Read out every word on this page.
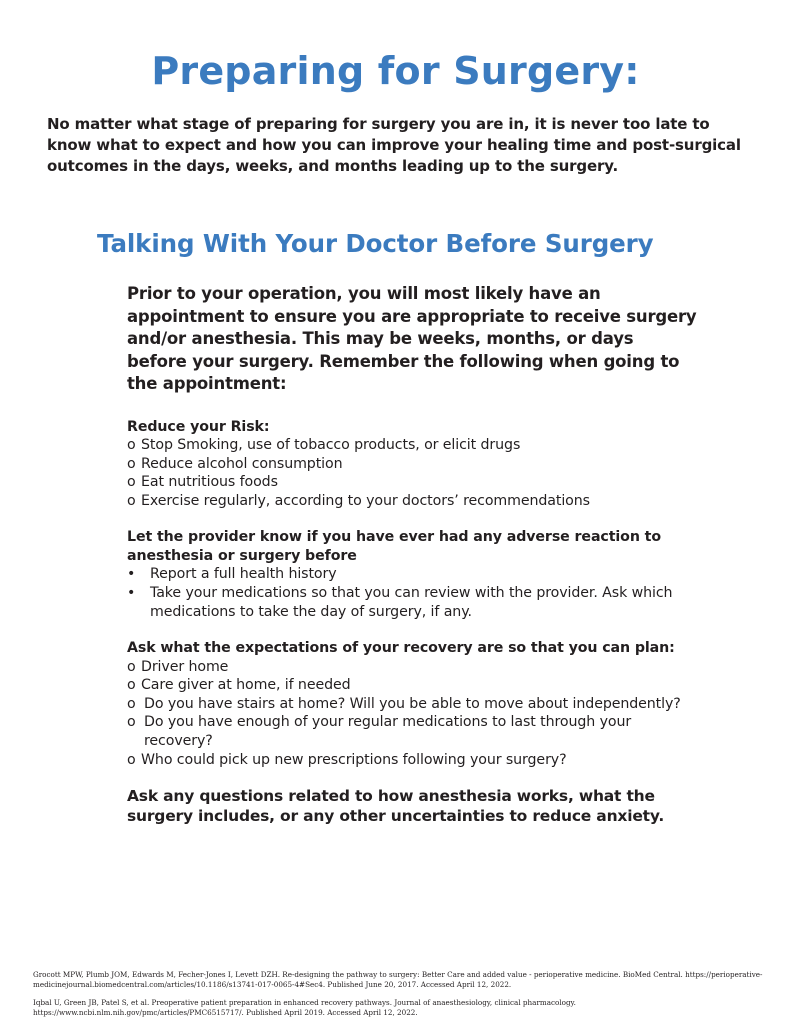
Preparing for Surgery:

No matter what stage of preparing for surgery you are in, it is never too late to know what to expect and how you can improve your healing time and post-surgical outcomes in the days, weeks, and months leading up to the surgery.

Talking With Your Doctor Before Surgery

Prior to your operation, you will most likely have an appointment to ensure you are appropriate to receive surgery and/or anesthesia. This may be weeks, months, or days before your surgery. Remember the following when going to the appointment:

Reduce your Risk:

o Stop Smoking, use of tobacco products, or elicit drugs
o Reduce alcohol consumption
o Eat nutritious foods
o Exercise regularly, according to your doctors’ recommendations

Let the provider know if you have ever had any adverse reaction to anesthesia or surgery before

• Report a full health history
• Take your medications so that you can review with the provider. Ask which medications to take the day of surgery, if any.

Ask what the expectations of your recovery are so that you can plan:

o Driver home
o Care giver at home, if needed
o Do you have stairs at home? Will you be able to move about independently?
o Do you have enough of your regular medications to last through your recovery?
o Who could pick up new prescriptions following your surgery?

Ask any questions related to how anesthesia works, what the surgery includes, or any other uncertainties to reduce anxiety.

Grocott MPW, Plumb JOM, Edwards M, Fecher-Jones I, Levett DZH. Re-designing the pathway to surgery: Better Care and added value - perioperative medicine. BioMed Central. https://perioperative-medicinejournal.biomedcentral.com/articles/10.1186/s13741-017-0065-4#Sec4. Published June 20, 2017. Accessed April 12, 2022.

Iqbal U, Green JB, Patel S, et al. Preoperative patient preparation in enhanced recovery pathways. Journal of anaesthesiology, clinical pharmacology. https://www.ncbi.nlm.nih.gov/pmc/articles/PMC6515717/. Published April 2019. Accessed April 12, 2022.
